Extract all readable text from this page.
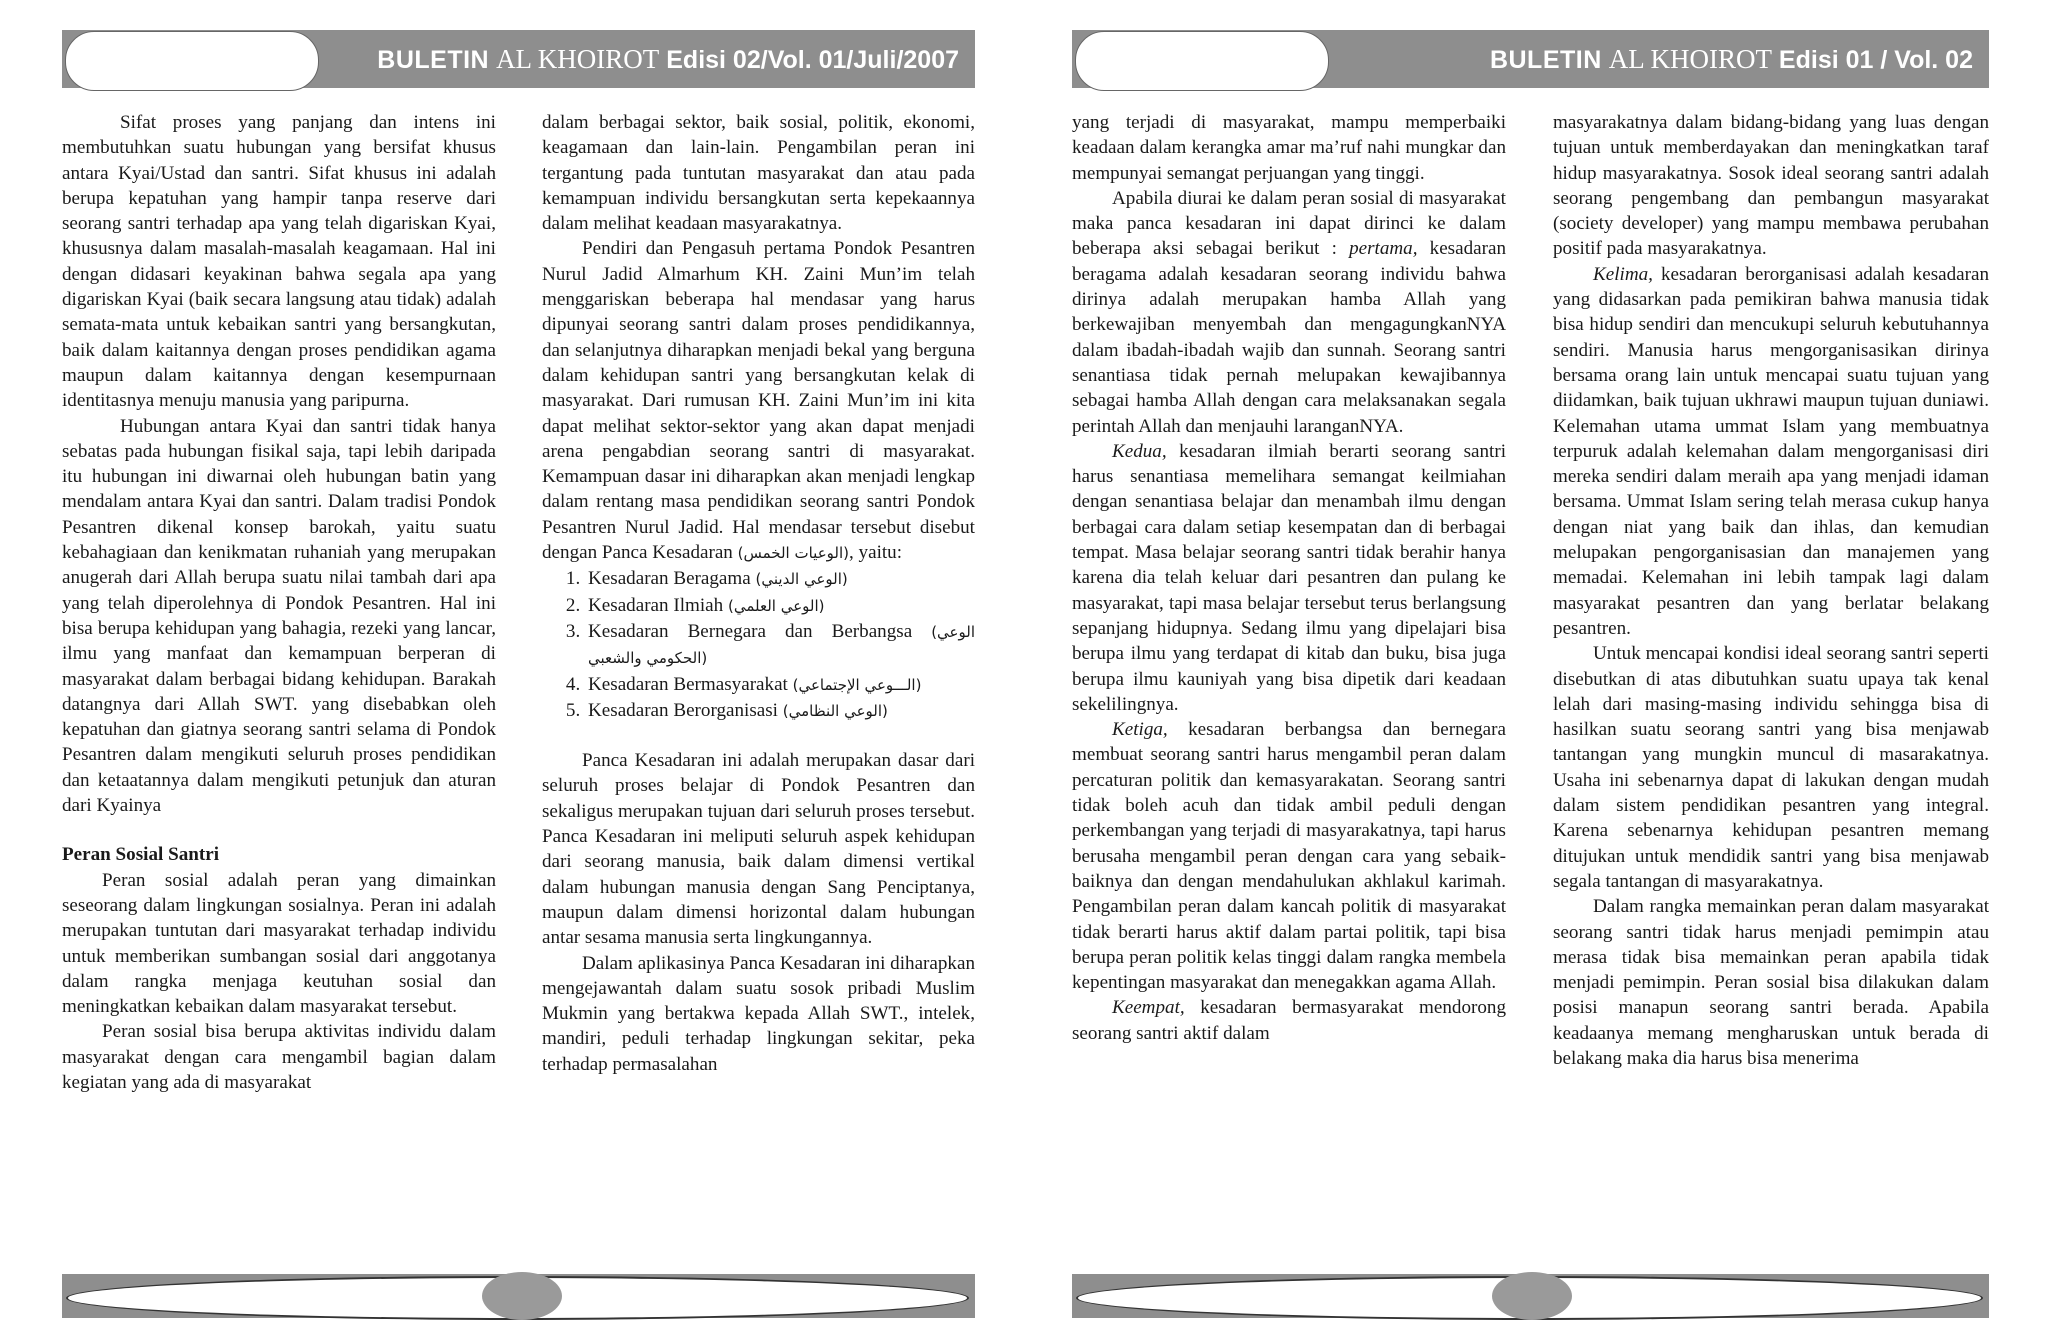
BULETIN AL KHOIROT Edisi 02/Vol. 01/Juli/2007

Sifat proses yang panjang dan intens ini membutuhkan suatu hubungan yang bersifat khusus antara Kyai/Ustad dan santri. Sifat khusus ini adalah berupa kepatuhan yang hampir tanpa reserve dari seorang santri terhadap apa yang telah digariskan Kyai, khususnya dalam masalah-masalah keagamaan. Hal ini dengan didasari keyakinan bahwa segala apa yang digariskan Kyai (baik secara langsung atau tidak) adalah semata-mata untuk kebaikan santri yang bersangkutan, baik dalam kaitannya dengan proses pendidikan agama maupun dalam kaitannya dengan kesempurnaan identitasnya menuju manusia yang paripurna.

Hubungan antara Kyai dan santri tidak hanya sebatas pada hubungan fisikal saja, tapi lebih daripada itu hubungan ini diwarnai oleh hubungan batin yang mendalam antara Kyai dan santri. Dalam tradisi Pondok Pesantren dikenal konsep barokah, yaitu suatu kebahagiaan dan kenikmatan ruhaniah yang merupakan anugerah dari Allah berupa suatu nilai tambah dari apa yang telah diperolehnya di Pondok Pesantren. Hal ini bisa berupa kehidupan yang bahagia, rezeki yang lancar, ilmu yang manfaat dan kemampuan berperan di masyarakat dalam berbagai bidang kehidupan. Barakah datangnya dari Allah SWT. yang disebabkan oleh kepatuhan dan giatnya seorang santri selama di Pondok Pesantren dalam mengikuti seluruh proses pendidikan dan ketaatannya dalam mengikuti petunjuk dan aturan dari Kyainya

Peran Sosial Santri

Peran sosial adalah peran yang dimainkan seseorang dalam lingkungan sosialnya. Peran ini adalah merupakan tuntutan dari masyarakat terhadap individu untuk memberikan sumbangan sosial dari anggotanya dalam rangka menjaga keutuhan sosial dan meningkatkan kebaikan dalam masyarakat tersebut.

Peran sosial bisa berupa aktivitas individu dalam masyarakat dengan cara mengambil bagian dalam kegiatan yang ada di masyarakat

dalam berbagai sektor, baik sosial, politik, ekonomi, keagamaan dan lain-lain. Pengambilan peran ini tergantung pada tuntutan masyarakat dan atau pada kemampuan individu bersangkutan serta kepekaannya dalam melihat keadaan masyarakatnya.

Pendiri dan Pengasuh pertama Pondok Pesantren Nurul Jadid Almarhum KH. Zaini Mun’im telah menggariskan beberapa hal mendasar yang harus dipunyai seorang santri dalam proses pendidikannya, dan selanjutnya diharapkan menjadi bekal yang berguna dalam kehidupan santri yang bersangkutan kelak di masyarakat. Dari rumusan KH. Zaini Mun’im ini kita dapat melihat sektor-sektor yang akan dapat menjadi arena pengabdian seorang santri di masyarakat. Kemampuan dasar ini diharapkan akan menjadi lengkap dalam rentang masa pendidikan seorang santri Pondok Pesantren Nurul Jadid. Hal mendasar tersebut disebut dengan Panca Kesadaran (الوعيات الخمس), yaitu:

1. Kesadaran Beragama (الوعي الديني)
2. Kesadaran Ilmiah (الوعي العلمي)
3. Kesadaran Bernegara dan Berbangsa (الوعي الحكومي والشعبي)
4. Kesadaran Bermasyarakat (الـــوعي الإجتماعي)
5. Kesadaran Berorganisasi (الوعي النظامي)

Panca Kesadaran ini adalah merupakan dasar dari seluruh proses belajar di Pondok Pesantren dan sekaligus merupakan tujuan dari seluruh proses tersebut. Panca Kesadaran ini meliputi seluruh aspek kehidupan dari seorang manusia, baik dalam dimensi vertikal dalam hubungan manusia dengan Sang Penciptanya, maupun dalam dimensi horizontal dalam hubungan antar sesama manusia serta lingkungannya.

Dalam aplikasinya Panca Kesadaran ini diharapkan mengejawantah dalam suatu sosok pribadi Muslim Mukmin yang bertakwa kepada Allah SWT., intelek, mandiri, peduli terhadap lingkungan sekitar, peka terhadap permasalahan

BULETIN AL KHOIROT Edisi 01 / Vol. 02

yang terjadi di masyarakat, mampu memperbaiki keadaan dalam kerangka amar ma’ruf nahi mungkar dan mempunyai semangat perjuangan yang tinggi.

Apabila diurai ke dalam peran sosial di masyarakat maka panca kesadaran ini dapat dirinci ke dalam beberapa aksi sebagai berikut : pertama, kesadaran beragama adalah kesadaran seorang individu bahwa dirinya adalah merupakan hamba Allah yang berkewajiban menyembah dan mengagungkanNYA dalam ibadah-ibadah wajib dan sunnah. Seorang santri senantiasa tidak pernah melupakan kewajibannya sebagai hamba Allah dengan cara melaksanakan segala perintah Allah dan menjauhi laranganNYA.

Kedua, kesadaran ilmiah berarti seorang santri harus senantiasa memelihara semangat keilmiahan dengan senantiasa belajar dan menambah ilmu dengan berbagai cara dalam setiap kesempatan dan di berbagai tempat. Masa belajar seorang santri tidak berahir hanya karena dia telah keluar dari pesantren dan pulang ke masyarakat, tapi masa belajar tersebut terus berlangsung sepanjang hidupnya. Sedang ilmu yang dipelajari bisa berupa ilmu yang terdapat di kitab dan buku, bisa juga berupa ilmu kauniyah yang bisa dipetik dari keadaan sekelilingnya.

Ketiga, kesadaran berbangsa dan bernegara membuat seorang santri harus mengambil peran dalam percaturan politik dan kemasyarakatan. Seorang santri tidak boleh acuh dan tidak ambil peduli dengan perkembangan yang terjadi di masyarakatnya, tapi harus berusaha mengambil peran dengan cara yang sebaik-baiknya dan dengan mendahulukan akhlakul karimah. Pengambilan peran dalam kancah politik di masyarakat tidak berarti harus aktif dalam partai politik, tapi bisa berupa peran politik kelas tinggi dalam rangka membela kepentingan masyarakat dan menegakkan agama Allah.

Keempat, kesadaran bermasyarakat mendorong seorang santri aktif dalam

masyarakatnya dalam bidang-bidang yang luas dengan tujuan untuk memberdayakan dan meningkatkan taraf hidup masyarakatnya. Sosok ideal seorang santri adalah seorang pengembang dan pembangun masyarakat (society developer) yang mampu membawa perubahan positif pada masyarakatnya.

Kelima, kesadaran berorganisasi adalah kesadaran yang didasarkan pada pemikiran bahwa manusia tidak bisa hidup sendiri dan mencukupi seluruh kebutuhannya sendiri. Manusia harus mengorganisasikan dirinya bersama orang lain untuk mencapai suatu tujuan yang diidamkan, baik tujuan ukhrawi maupun tujuan duniawi. Kelemahan utama ummat Islam yang membuatnya terpuruk adalah kelemahan dalam mengorganisasi diri mereka sendiri dalam meraih apa yang menjadi idaman bersama. Ummat Islam sering telah merasa cukup hanya dengan niat yang baik dan ihlas, dan kemudian melupakan pengorganisasian dan manajemen yang memadai. Kelemahan ini lebih tampak lagi dalam masyarakat pesantren dan yang berlatar belakang pesantren.

Untuk mencapai kondisi ideal seorang santri seperti disebutkan di atas dibutuhkan suatu upaya tak kenal lelah dari masing-masing individu sehingga bisa di hasilkan suatu seorang santri yang bisa menjawab tantangan yang mungkin muncul di masarakatnya. Usaha ini sebenarnya dapat di lakukan dengan mudah dalam sistem pendidikan pesantren yang integral. Karena sebenarnya kehidupan pesantren memang ditujukan untuk mendidik santri yang bisa menjawab segala tantangan di masyarakatnya.

Dalam rangka memainkan peran dalam masyarakat seorang santri tidak harus menjadi pemimpin atau merasa tidak bisa memainkan peran apabila tidak menjadi pemimpin. Peran sosial bisa dilakukan dalam posisi manapun seorang santri berada. Apabila keadaanya memang mengharuskan untuk berada di belakang maka dia harus bisa menerima
